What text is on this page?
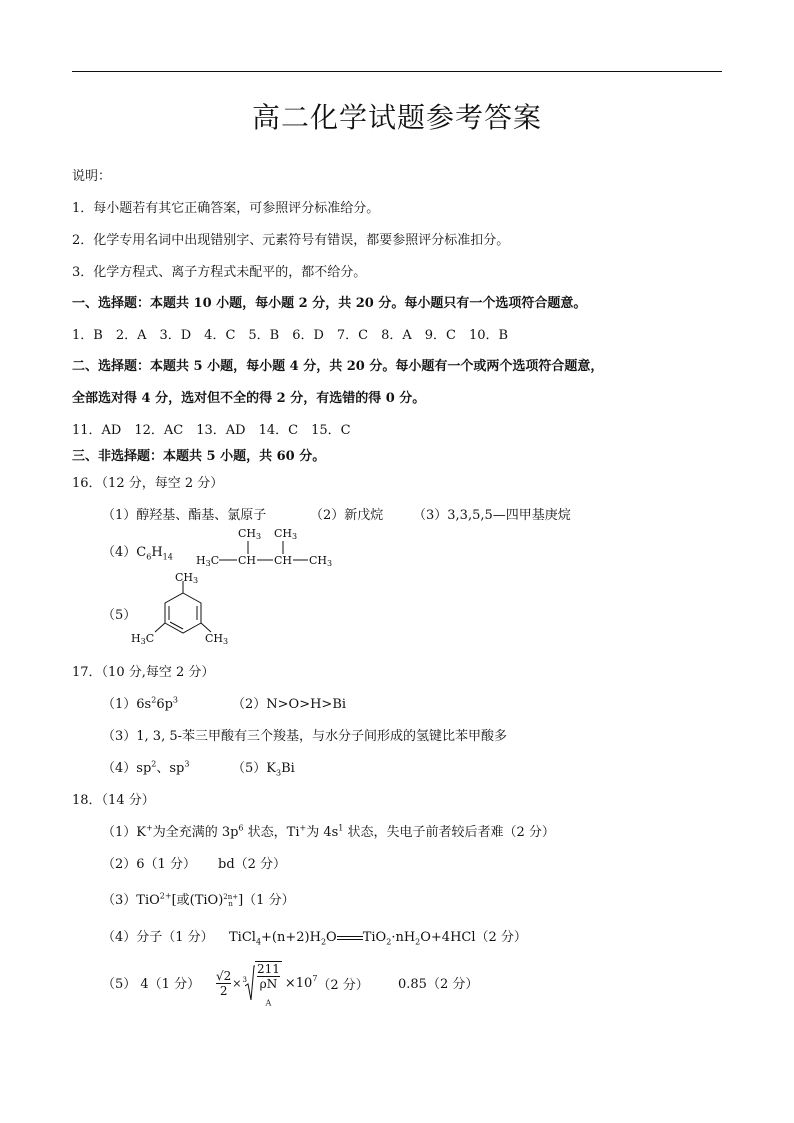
高二化学试题参考答案
说明：
1．每小题若有其它正确答案，可参照评分标准给分。
2．化学专用名词中出现错别字、元素符号有错误，都要参照评分标准扣分。
3．化学方程式、离子方程式未配平的，都不给分。
一、选择题：本题共 10 小题，每小题 2 分，共 20 分。每小题只有一个选项符合题意。
1．B　2．A　3．D　4．C　5．B　6．D　7．C　8．A　9．C　10．B
二、选择题：本题共 5 小题，每小题 4 分，共 20 分。每小题有一个或两个选项符合题意，
全部选对得 4 分，选对但不全的得 2 分，有选错的得 0 分。
11．AD　12．AC　13．AD　14．C　15．C
三、非选择题：本题共 5 小题，共 60 分。
16．（12 分，每空 2 分）
（1）醇羟基、酯基、氯原子	（2）新戊烷 （3）3,3,5,5—四甲基庚烷
$(4)C_6H_{14}$
CH3 CH3
H3C CH CH CH3
（5）
CH3
H3C	CH3
17．（10 分,每空 2 分）
$(1)6s^26p^3$	（2）N>O>H>Bi
（3）1, 3, 5-苯三甲酸有三个羧基，与水分子间形成的氢键比苯甲酸多
$(4)sp^2$、$sp^3$	$(5)K_3Bi$
18．（14 分）
（1）K+为全充满的 $3p^6$ 状态，Ti+为 $4s^1$ 状态，失电子前者较后者难（2 分）
（2）6（1 分） bd（2 分）
（3）TiO$^{2+}$[或(TiO) 2n+
n ]（1 分）
（4）分子（1 分） $TiCl_4+(n+2)H_2O$ $TiO_2\cdot nH_2O+4HCl(2$ 分）
（5） 4（1 分） $\frac{√2}{2} \times 3$ 211
ρN
$_A$ ×10 7 （2 分） 0.85（2 分）
